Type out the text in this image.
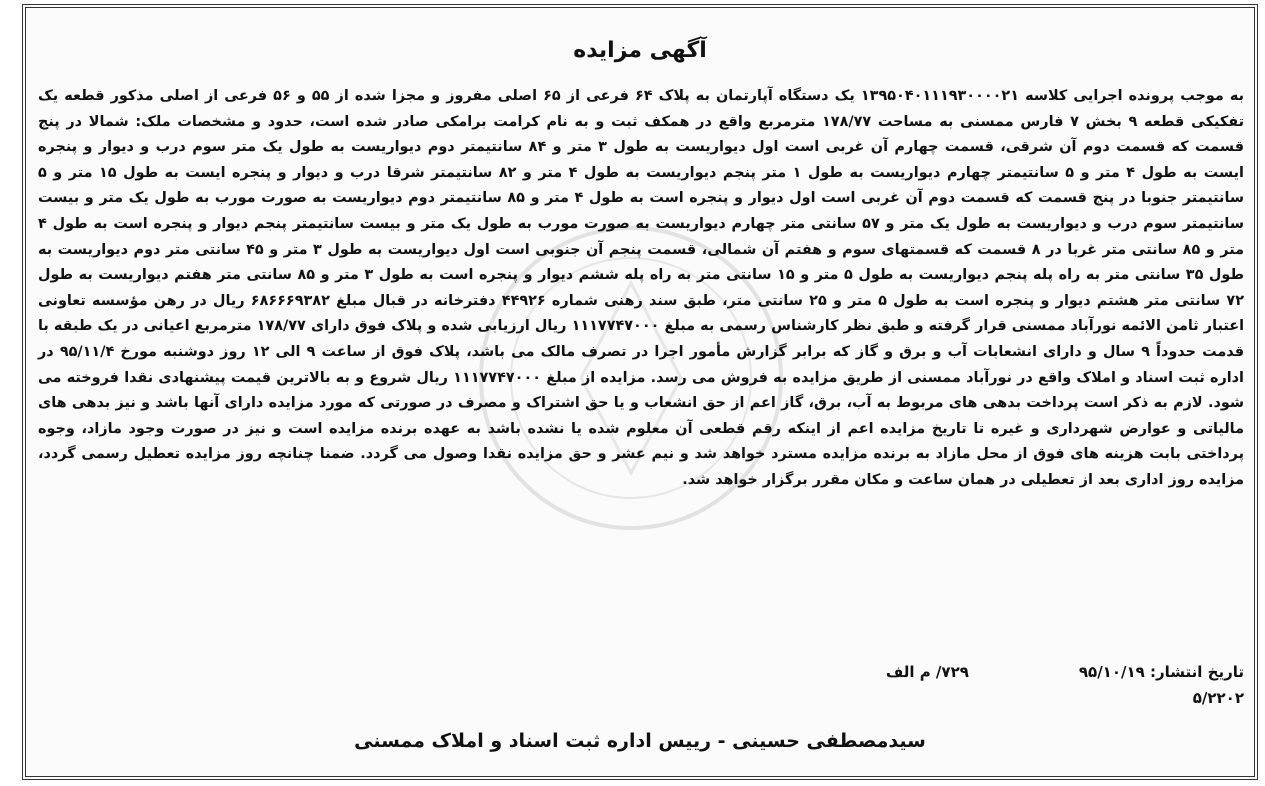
آگهی مزایده

به موجب پرونده اجرایی کلاسه ۱۳۹۵۰۴۰۱۱۱۹۳۰۰۰۰۲۱ یک دستگاه آپارتمان به پلاک ۶۴ فرعی از ۶۵ اصلی مفروز و مجزا شده از ۵۵ و ۵۶ فرعی از اصلی مذکور قطعه یک تفکیکی قطعه ۹ بخش ۷ فارس ممسنی به مساحت ۱۷۸/۷۷ مترمربع واقع در همکف ثبت و به نام کرامت برامکی صادر شده است، حدود و مشخصات ملک: شمالا در پنج قسمت که قسمت دوم آن شرقی، قسمت چهارم آن غربی است اول دیواریست به طول ۳ متر و ۸۴ سانتیمتر دوم دیواریست به طول یک متر سوم درب و دیوار و پنجره ایست به طول ۴ متر و ۵ سانتیمتر چهارم دیواریست به طول ۱ متر پنجم دیواریست به طول ۴ متر و ۸۲ سانتیمتر شرقا درب و دیوار و پنجره ایست به طول ۱۵ متر و ۵ سانتیمتر جنوبا در پنج قسمت که قسمت دوم آن غربی است اول دیوار و پنجره است به طول ۴ متر و ۸۵ سانتیمتر دوم دیواریست به صورت مورب به طول یک متر و بیست سانتیمتر سوم درب و دیواریست به طول یک متر و ۵۷ سانتی متر چهارم دیواریست به صورت مورب به طول یک متر و بیست سانتیمتر پنجم دیوار و پنجره است به طول ۴ متر و ۸۵ سانتی متر غربا در ۸ قسمت که قسمتهای سوم و هفتم آن شمالی، قسمت پنجم آن جنوبی است اول دیواریست به طول ۳ متر و ۴۵ سانتی متر دوم دیواریست به طول ۳۵ سانتی متر به راه پله پنجم دیواریست به طول ۵ متر و ۱۵ سانتی متر به راه پله ششم دیوار و پنجره است به طول ۳ متر و ۸۵ سانتی متر هفتم دیواریست به طول ۷۲ سانتی متر هشتم دیوار و پنجره است به طول ۵ متر و ۲۵ سانتی متر، طبق سند رهنی شماره ۴۴۹۲۶ دفترخانه در قبال مبلغ ۶۸۶۶۶۹۳۸۲ ریال در رهن مؤسسه تعاونی اعتبار ثامن الائمه نورآباد ممسنی قرار گرفته و طبق نظر کارشناس رسمی به مبلغ ۱۱۱۷۷۴۷۰۰۰ ریال ارزیابی شده و پلاک فوق دارای ۱۷۸/۷۷ مترمربع اعیانی در یک طبقه با قدمت حدوداً ۹ سال و دارای انشعابات آب و برق و گاز که برابر گزارش مأمور اجرا در تصرف مالک می باشد، پلاک فوق از ساعت ۹ الی ۱۲ روز دوشنبه مورخ ۹۵/۱۱/۴ در اداره ثبت اسناد و املاک واقع در نورآباد ممسنی از طریق مزایده به فروش می رسد. مزایده از مبلغ ۱۱۱۷۷۴۷۰۰۰ ریال شروع و به بالاترین قیمت پیشنهادی نقدا فروخته می شود. لازم به ذکر است پرداخت بدهی های مربوط به آب، برق، گاز اعم از حق انشعاب و یا حق اشتراک و مصرف در صورتی که مورد مزایده دارای آنها باشد و نیز بدهی های مالیاتی و عوارض شهرداری و غیره تا تاریخ مزایده اعم از اینکه رقم قطعی آن معلوم شده یا نشده باشد به عهده برنده مزایده است و نیز در صورت وجود مازاد، وجوه پرداختی بابت هزینه های فوق از محل مازاد به برنده مزایده مسترد خواهد شد و نیم عشر و حق مزایده نقدا وصول می گردد. ضمنا چنانچه روز مزایده تعطیل رسمی گردد، مزایده روز اداری بعد از تعطیلی در همان ساعت و مکان مقرر برگزار خواهد شد.

تاریخ انتشار: ۹۵/۱۰/۱۹
۷۲۹/ م الف
۵/۲۲۰۲
سیدمصطفی حسینی - رییس اداره ثبت اسناد و املاک ممسنی
